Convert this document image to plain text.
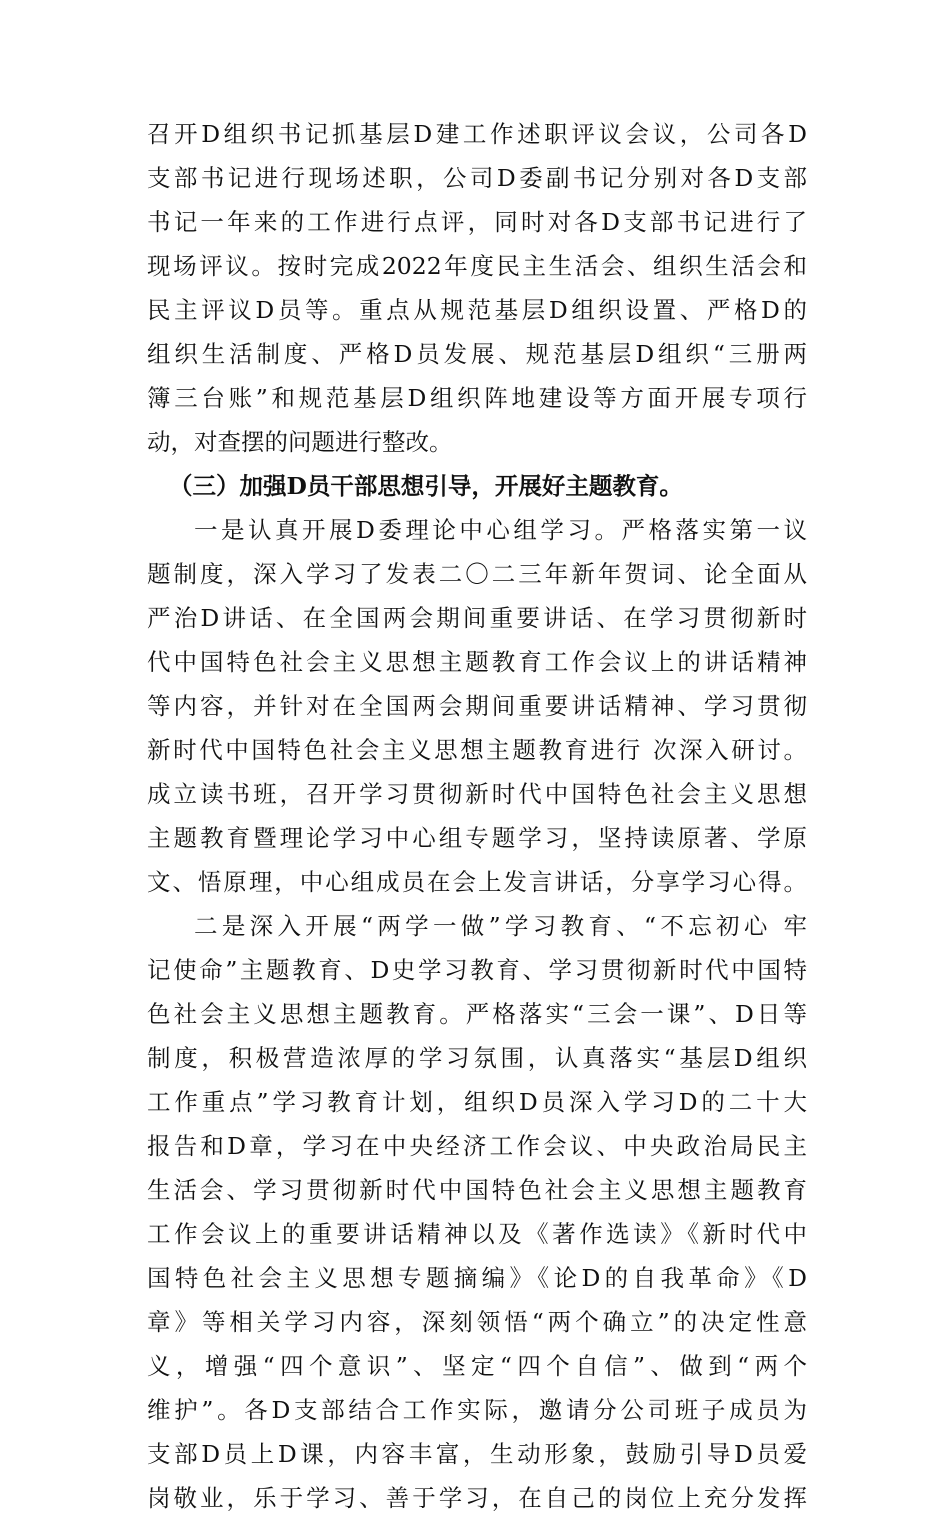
召开D组织书记抓基层D建工作述职评议会议，公司各D
支部书记进行现场述职，公司D委副书记分别对各D支部
书记一年来的工作进行点评，同时对各D支部书记进行了
现场评议。按时完成2022年度民主生活会、组织生活会和
民主评议D员等。重点从规范基层D组织设置、严格D的
组织生活制度、严格D员发展、规范基层D组织“三册两
簿三台账”和规范基层D组织阵地建设等方面开展专项行
动，对查摆的问题进行整改。
（三）加强D员干部思想引导，开展好主题教育。
一是认真开展D委理论中心组学习。严格落实第一议
题制度，深入学习了发表二〇二三年新年贺词、论全面从
严治D讲话、在全国两会期间重要讲话、在学习贯彻新时
代中国特色社会主义思想主题教育工作会议上的讲话精神
等内容，并针对在全国两会期间重要讲话精神、学习贯彻
新时代中国特色社会主义思想主题教育进行 次深入研讨。
成立读书班，召开学习贯彻新时代中国特色社会主义思想
主题教育暨理论学习中心组专题学习，坚持读原著、学原
文、悟原理，中心组成员在会上发言讲话，分享学习心得。
二是深入开展“两学一做”学习教育、“不忘初心 牢
记使命”主题教育、D史学习教育、学习贯彻新时代中国特
色社会主义思想主题教育。严格落实“三会一课”、D日等
制度，积极营造浓厚的学习氛围，认真落实“基层D组织
工作重点”学习教育计划，组织D员深入学习D的二十大
报告和D章，学习在中央经济工作会议、中央政治局民主
生活会、学习贯彻新时代中国特色社会主义思想主题教育
工作会议上的重要讲话精神以及《著作选读》《新时代中
国特色社会主义思想专题摘编》《论D的自我革命》《D
章》等相关学习内容，深刻领悟“两个确立”的决定性意
义，增强“四个意识”、坚定“四个自信”、做到“两个
维护”。各D支部结合工作实际，邀请分公司班子成员为
支部D员上D课，内容丰富，生动形象，鼓励引导D员爱
岗敬业，乐于学习、善于学习，在自己的岗位上充分发挥
